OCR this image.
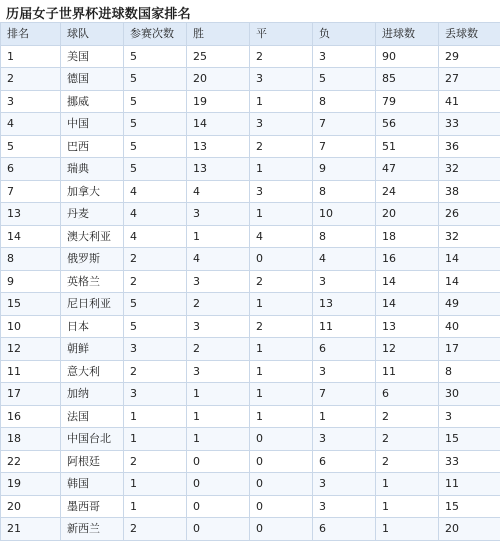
历届女子世界杯进球数国家排名
排名	球队	参赛次数	胜	平	负	进球数	丢球数
1	美国	5	25	2	3	90	29
2	德国	5	20	3	5	85	27
3	挪威	5	19	1	8	79	41
4	中国	5	14	3	7	56	33
5	巴西	5	13	2	7	51	36
6	瑞典	5	13	1	9	47	32
7	加拿大	4	4	3	8	24	38
13	丹麦	4	3	1	10	20	26
14	澳大利亚	4	1	4	8	18	32
8	俄罗斯	2	4	0	4	16	14
9	英格兰	2	3	2	3	14	14
15	尼日利亚	5	2	1	13	14	49
10	日本	5	3	2	11	13	40
12	朝鲜	3	2	1	6	12	17
11	意大利	2	3	1	3	11	8
17	加纳	3	1	1	7	6	30
16	法国	1	1	1	1	2	3
18	中国台北	1	1	0	3	2	15
22	阿根廷	2	0	0	6	2	33
19	韩国	1	0	0	3	1	11
20	墨西哥	1	0	0	3	1	15
21	新西兰	2	0	0	6	1	20
